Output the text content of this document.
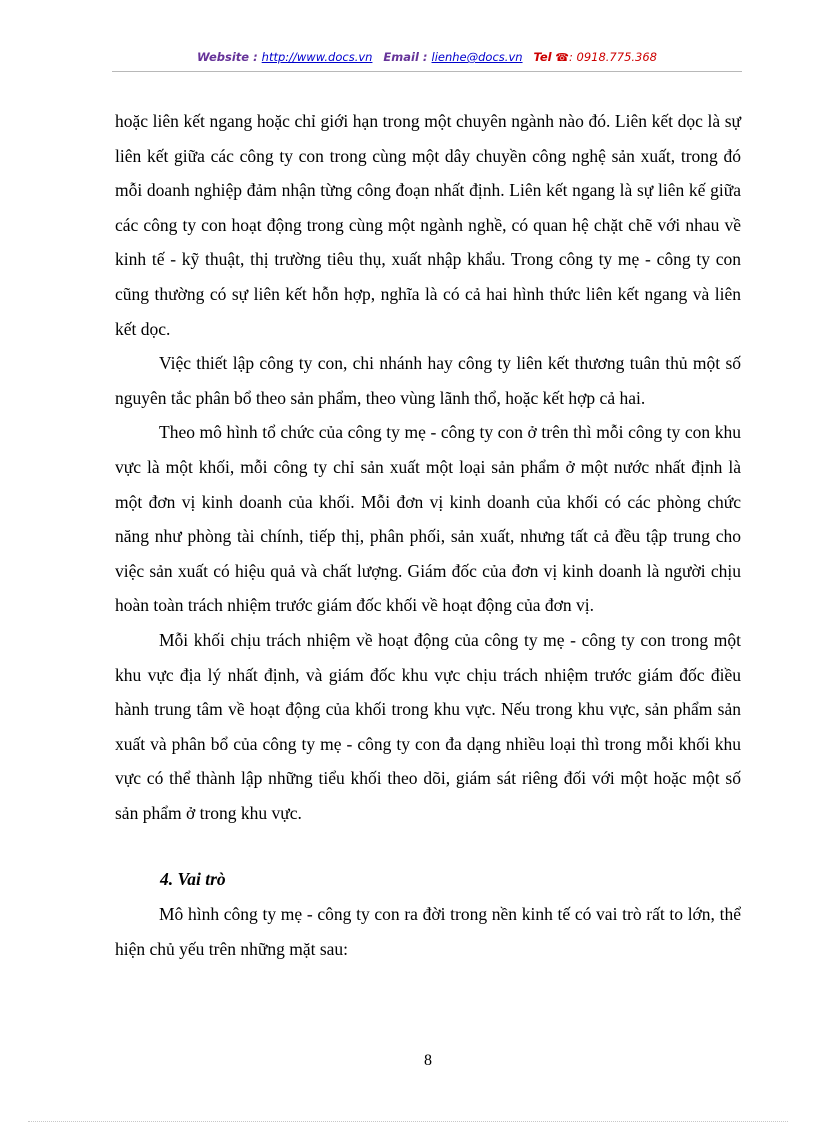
Website : http://www.docs.vn Email : lienhe@docs.vn Tel ☎: 0918.775.368

hoặc liên kết ngang hoặc chỉ giới hạn trong một chuyên ngành nào đó. Liên kết dọc là sự liên kết giữa các công ty con trong cùng một dây chuyền công nghệ sản xuất, trong đó mỗi doanh nghiệp đảm nhận từng công đoạn nhất định. Liên kết ngang là sự liên kế giữa các công ty con hoạt động trong cùng một ngành nghề, có quan hệ chặt chẽ với nhau về kinh tế - kỹ thuật, thị trường tiêu thụ, xuất nhập khẩu. Trong công ty mẹ - công ty con cũng thường có sự liên kết hỗn hợp, nghĩa là có cả hai hình thức liên kết ngang và liên kết dọc.

Việc thiết lập công ty con, chi nhánh hay công ty liên kết thương tuân thủ một số nguyên tắc phân bổ theo sản phẩm, theo vùng lãnh thổ, hoặc kết hợp cả hai.

Theo mô hình tổ chức của công ty mẹ - công ty con ở trên thì mỗi công ty con khu vực là một khối, mỗi công ty chỉ sản xuất một loại sản phẩm ở một nước nhất định là một đơn vị kinh doanh của khối. Mỗi đơn vị kinh doanh của khối có các phòng chức năng như phòng tài chính, tiếp thị, phân phối, sản xuất, nhưng tất cả đều tập trung cho việc sản xuất có hiệu quả và chất lượng. Giám đốc của đơn vị kinh doanh là người chịu hoàn toàn trách nhiệm trước giám đốc khối về hoạt động của đơn vị.

Mỗi khối chịu trách nhiệm về hoạt động của công ty mẹ - công ty con trong một khu vực địa lý nhất định, và giám đốc khu vực chịu trách nhiệm trước giám đốc điều hành trung tâm về hoạt động của khối trong khu vực. Nếu trong khu vực, sản phẩm sản xuất và phân bổ của công ty mẹ - công ty con đa dạng nhiều loại thì trong mỗi khối khu vực có thể thành lập những tiểu khối theo dõi, giám sát riêng đối với một hoặc một số sản phẩm ở trong khu vực.

4. Vai trò

Mô hình công ty mẹ - công ty con ra đời trong nền kinh tế có vai trò rất to lớn, thể hiện chủ yếu trên những mặt sau:

8
